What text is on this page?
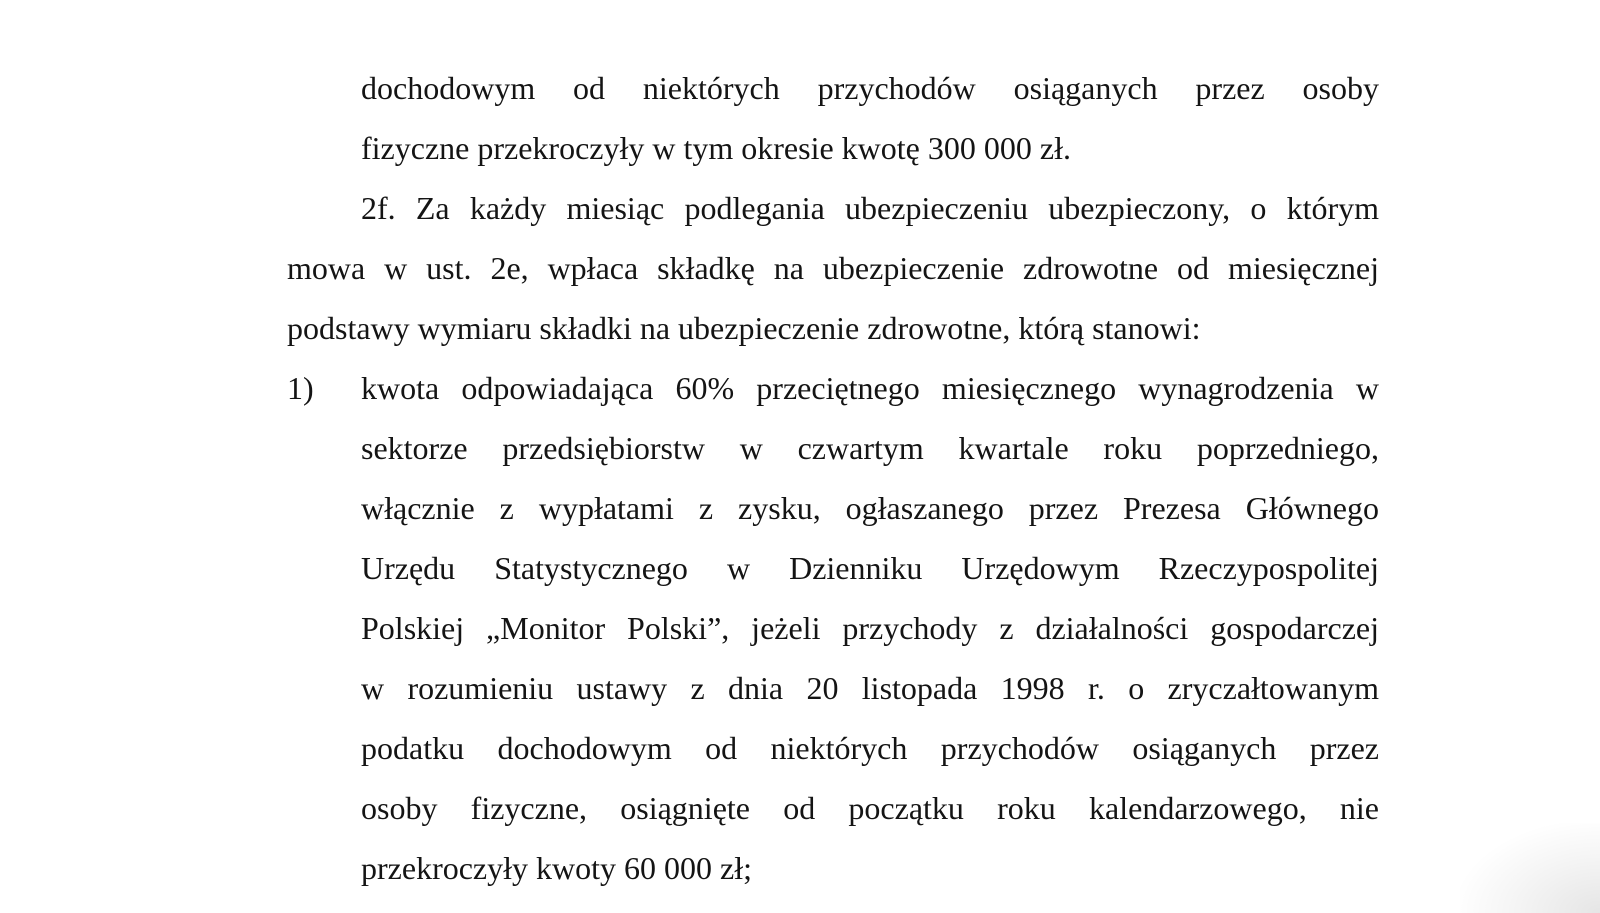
dochodowym od niektórych przychodów osiąganych przez osoby
fizyczne przekroczyły w tym okresie kwotę 300 000 zł.
2f. Za każdy miesiąc podlegania ubezpieczeniu ubezpieczony, o którym
mowa w ust. 2e, wpłaca składkę na ubezpieczenie zdrowotne od miesięcznej
podstawy wymiaru składki na ubezpieczenie zdrowotne, którą stanowi:
1) kwota odpowiadająca 60% przeciętnego miesięcznego wynagrodzenia w
sektorze przedsiębiorstw w czwartym kwartale roku poprzedniego,
włącznie z wypłatami z zysku, ogłaszanego przez Prezesa Głównego
Urzędu Statystycznego w Dzienniku Urzędowym Rzeczypospolitej
Polskiej „Monitor Polski”, jeżeli przychody z działalności gospodarczej
w rozumieniu ustawy z dnia 20 listopada 1998 r. o zryczałtowanym
podatku dochodowym od niektórych przychodów osiąganych przez
osoby fizyczne, osiągnięte od początku roku kalendarzowego, nie
przekroczyły kwoty 60 000 zł;
